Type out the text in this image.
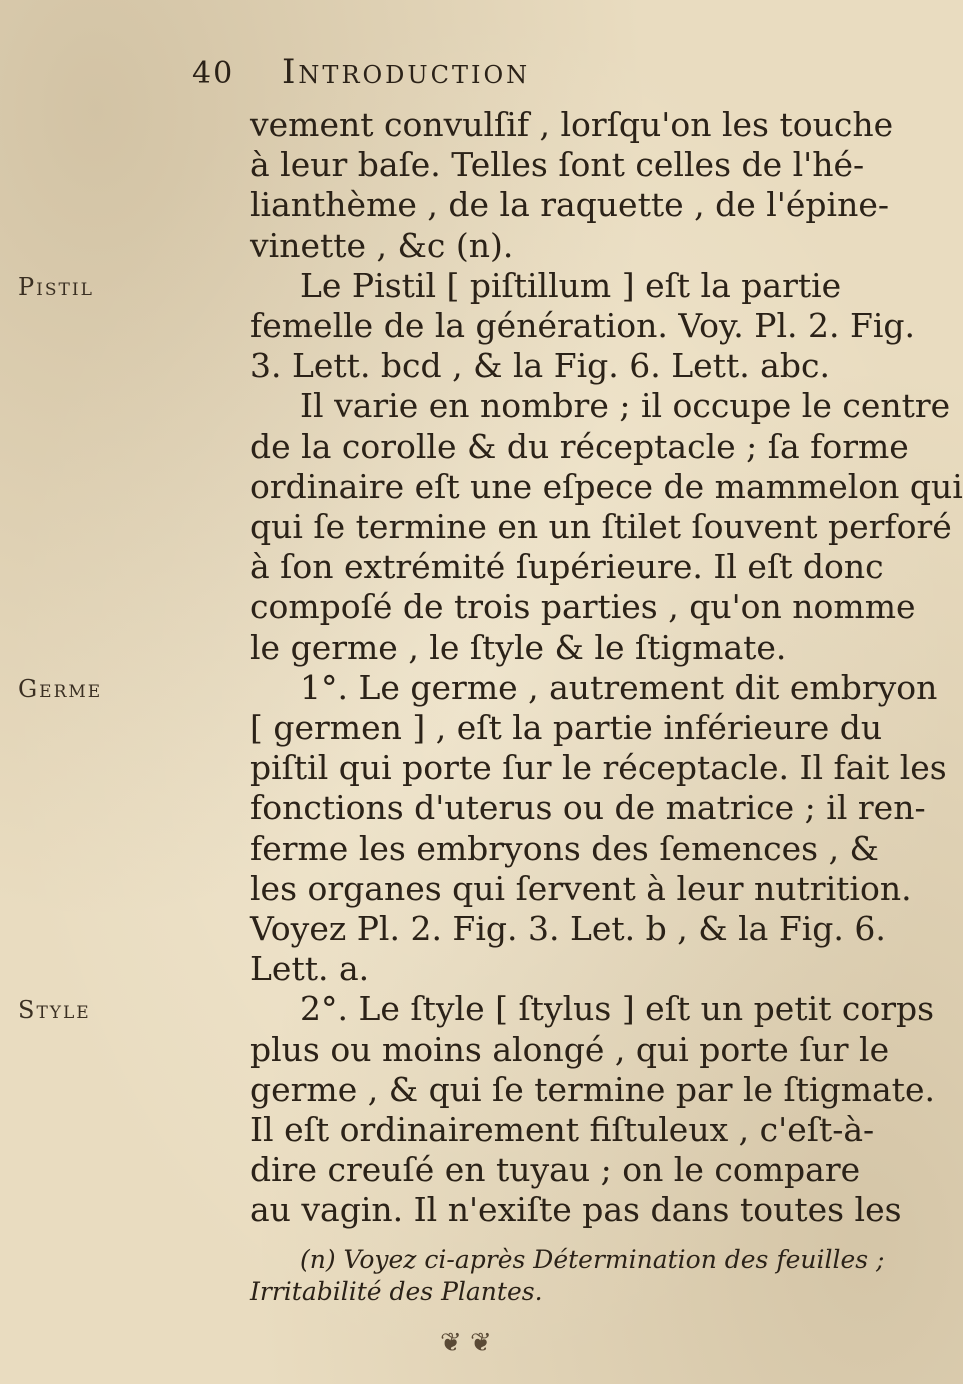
40 Introduction
Pistil
Germe
Style
vement convulſif , lorſqu'on les touche
à leur baſe. Telles ſont celles de l'hé-
lianthème , de la raquette , de l'épine-
vinette , &c (n).
Le Pistil [ piſtillum ] eſt la partie
femelle de la génération. Voy. Pl. 2. Fig.
3. Lett. bcd , & la Fig. 6. Lett. abc.
Il varie en nombre ; il occupe le centre
de la corolle & du réceptacle ; ſa forme
ordinaire eſt une eſpece de mammelon qui
qui ſe termine en un ſtilet ſouvent perforé
à ſon extrémité ſupérieure. Il eſt donc
compoſé de trois parties , qu'on nomme
le germe , le ſtyle & le ſtigmate.
1°. Le germe , autrement dit embryon
[ germen ] , eſt la partie inférieure du
piſtil qui porte ſur le réceptacle. Il fait les
fonctions d'uterus ou de matrice ; il ren-
ferme les embryons des ſemences , &
les organes qui ſervent à leur nutrition.
Voyez Pl. 2. Fig. 3. Let. b , & la Fig. 6.
Lett. a.
2°. Le ſtyle [ ſtylus ] eſt un petit corps
plus ou moins alongé , qui porte ſur le
germe , & qui ſe termine par le ſtigmate.
Il eſt ordinairement fiſtuleux , c'eſt-à-
dire creuſé en tuyau ; on le compare
au vagin. Il n'exiſte pas dans toutes les
(n) Voyez ci-après Détermination des feuilles ;
Irritabilité des Plantes.
❦ ❦
